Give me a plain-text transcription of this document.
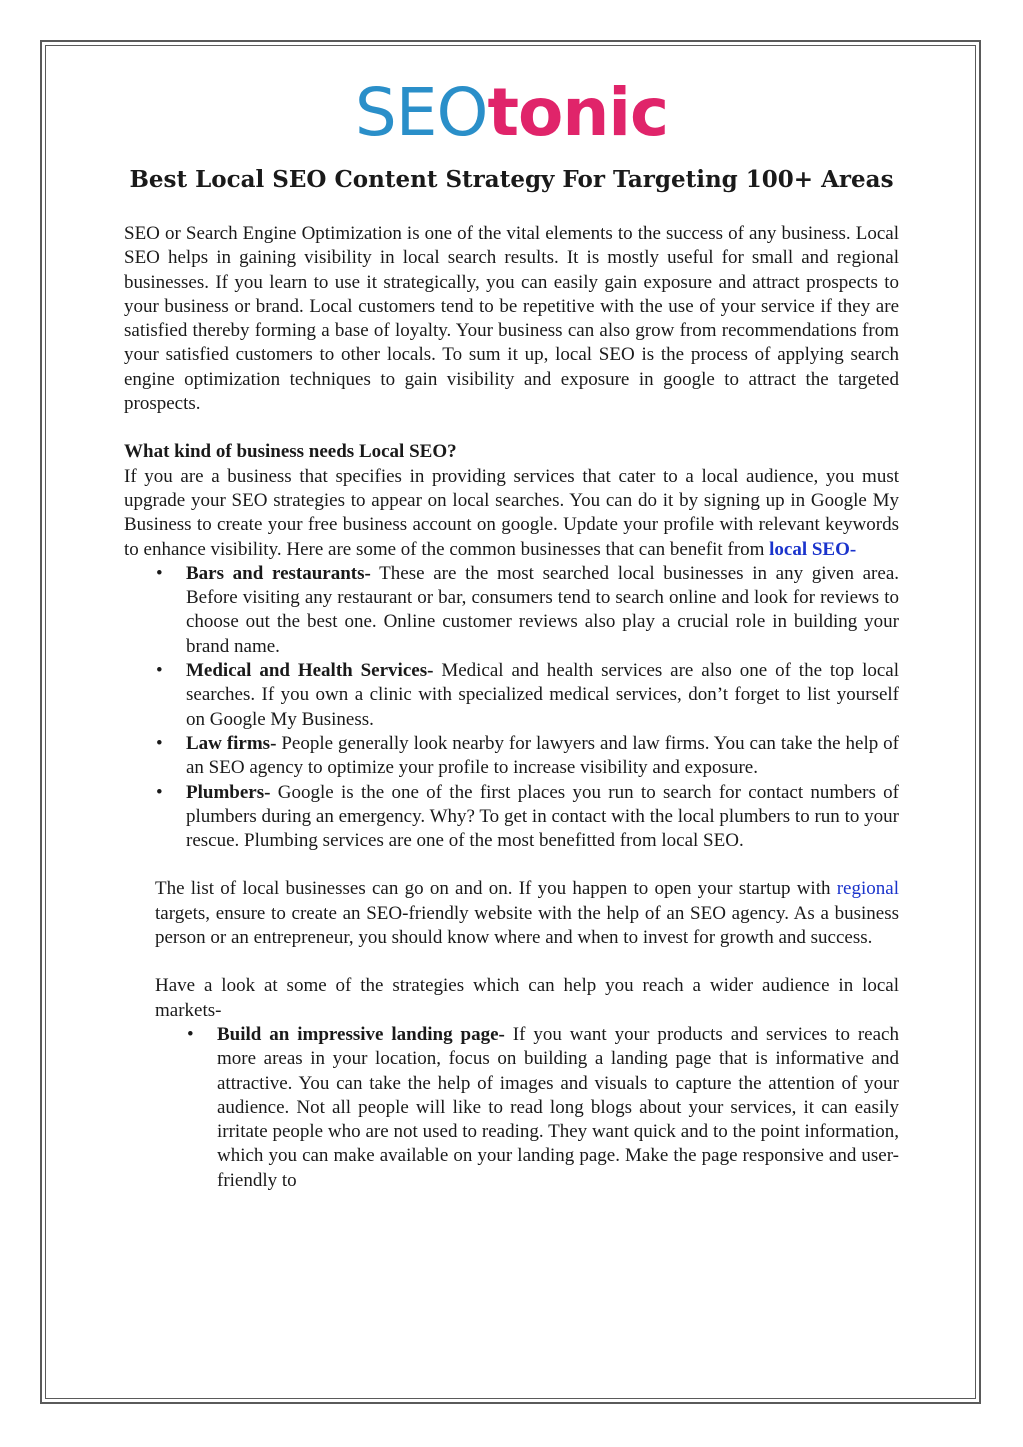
SEOtonic
Best Local SEO Content Strategy For Targeting 100+ Areas

SEO or Search Engine Optimization is one of the vital elements to the success of any business. Local SEO helps in gaining visibility in local search results. It is mostly useful for small and regional businesses. If you learn to use it strategically, you can easily gain exposure and attract prospects to your business or brand. Local customers tend to be repetitive with the use of your service if they are satisfied thereby forming a base of loyalty. Your business can also grow from recommendations from your satisfied customers to other locals. To sum it up, local SEO is the process of applying search engine optimization techniques to gain visibility and exposure in google to attract the targeted prospects.

What kind of business needs Local SEO?

If you are a business that specifies in providing services that cater to a local audience, you must upgrade your SEO strategies to appear on local searches. You can do it by signing up in Google My Business to create your free business account on google. Update your profile with relevant keywords to enhance visibility. Here are some of the common businesses that can benefit from local SEO-

• Bars and restaurants- These are the most searched local businesses in any given area. Before visiting any restaurant or bar, consumers tend to search online and look for reviews to choose out the best one. Online customer reviews also play a crucial role in building your brand name.
• Medical and Health Services- Medical and health services are also one of the top local searches. If you own a clinic with specialized medical services, don’t forget to list yourself on Google My Business.
• Law firms- People generally look nearby for lawyers and law firms. You can take the help of an SEO agency to optimize your profile to increase visibility and exposure.
• Plumbers- Google is the one of the first places you run to search for contact numbers of plumbers during an emergency. Why? To get in contact with the local plumbers to run to your rescue. Plumbing services are one of the most benefitted from local SEO.

The list of local businesses can go on and on. If you happen to open your startup with regional targets, ensure to create an SEO-friendly website with the help of an SEO agency. As a business person or an entrepreneur, you should know where and when to invest for growth and success.

Have a look at some of the strategies which can help you reach a wider audience in local markets-

• Build an impressive landing page- If you want your products and services to reach more areas in your location, focus on building a landing page that is informative and attractive. You can take the help of images and visuals to capture the attention of your audience. Not all people will like to read long blogs about your services, it can easily irritate people who are not used to reading. They want quick and to the point information, which you can make available on your landing page. Make the page responsive and user-friendly to
